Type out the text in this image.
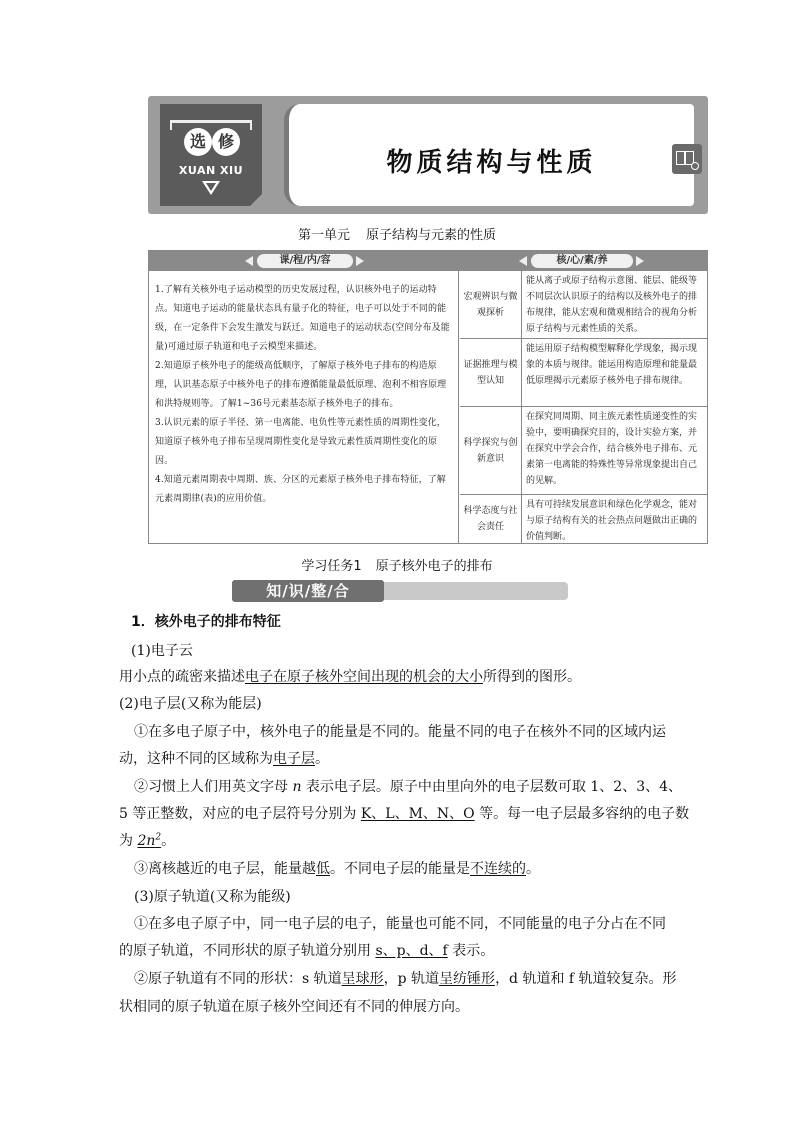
选 修
XUAN XIU	物质结构与性质
第一单元 原子结构与元素的性质
课/程/内/容	核/心/素/养

1.了解有关核外电子运动模型的历史发展过程，认识核外电子的运动特点。知道电子运动的能量状态具有量子化的特征，电子可以处于不同的能级，在一定条件下会发生激发与跃迁。知道电子的运动状态(空间分布及能量)可通过原子轨道和电子云模型来描述。

2.知道原子核外电子的能级高低顺序，了解原子核外电子排布的构造原理，认识基态原子中核外电子的排布遵循能量最低原理、泡利不相容原理和洪特规则等。了解1~36号元素基态原子核外电子的排布。

3.认识元素的原子半径、第一电离能、电负性等元素性质的周期性变化，知道原子核外电子排布呈现周期性变化是导致元素性质周期性变化的原因。

4.知道元素周期表中周期、族、分区的元素原子核外电子排布特征，了解元素周期律(表)的应用价值。

宏观辨识与微观探析
能从离子或原子结构示意图、能层、能级等不同层次认识原子的结构以及核外电子的排布规律，能从宏观和微观相结合的视角分析原子结构与元素性质的关系。
证据推理与模型认知
能运用原子结构模型解释化学现象，揭示现象的本质与规律。能运用构造原理和能量最低原理揭示元素原子核外电子排布规律。
科学探究与创新意识
在探究同周期、同主族元素性质递变性的实验中，要明确探究目的，设计实验方案，并在探究中学会合作，结合核外电子排布、元素第一电离能的特殊性等异常现象提出自己的见解。
科学态度与社会责任
具有可持续发展意识和绿色化学观念，能对与原子结构有关的社会热点问题做出正确的价值判断。
学习任务1 原子核外电子的排布
知/识/整/合
1．核外电子的排布特征
(1)电子云
用小点的疏密来描述电子在原子核外空间出现的机会的大小所得到的图形。
(2)电子层(又称为能层)
①在多电子原子中，核外电子的能量是不同的。能量不同的电子在核外不同的区域内运
动，这种不同的区域称为电子层。
②习惯上人们用英文字母 n 表示电子层。原子中由里向外的电子层数可取 1、2、3、4、
5 等正整数，对应的电子层符号分别为 K、L、M、N、O 等。每一电子层最多容纳的电子数
为 $2n^2$。
③离核越近的电子层，能量越低。不同电子层的能量是不连续的。
(3)原子轨道(又称为能级)
①在多电子原子中，同一电子层的电子，能量也可能不同，不同能量的电子分占在不同
的原子轨道，不同形状的原子轨道分别用 s、p、d、f 表示。
②原子轨道有不同的形状：s 轨道呈球形，p 轨道呈纺锤形，d 轨道和 f 轨道较复杂。形
状相同的原子轨道在原子核外空间还有不同的伸展方向。
